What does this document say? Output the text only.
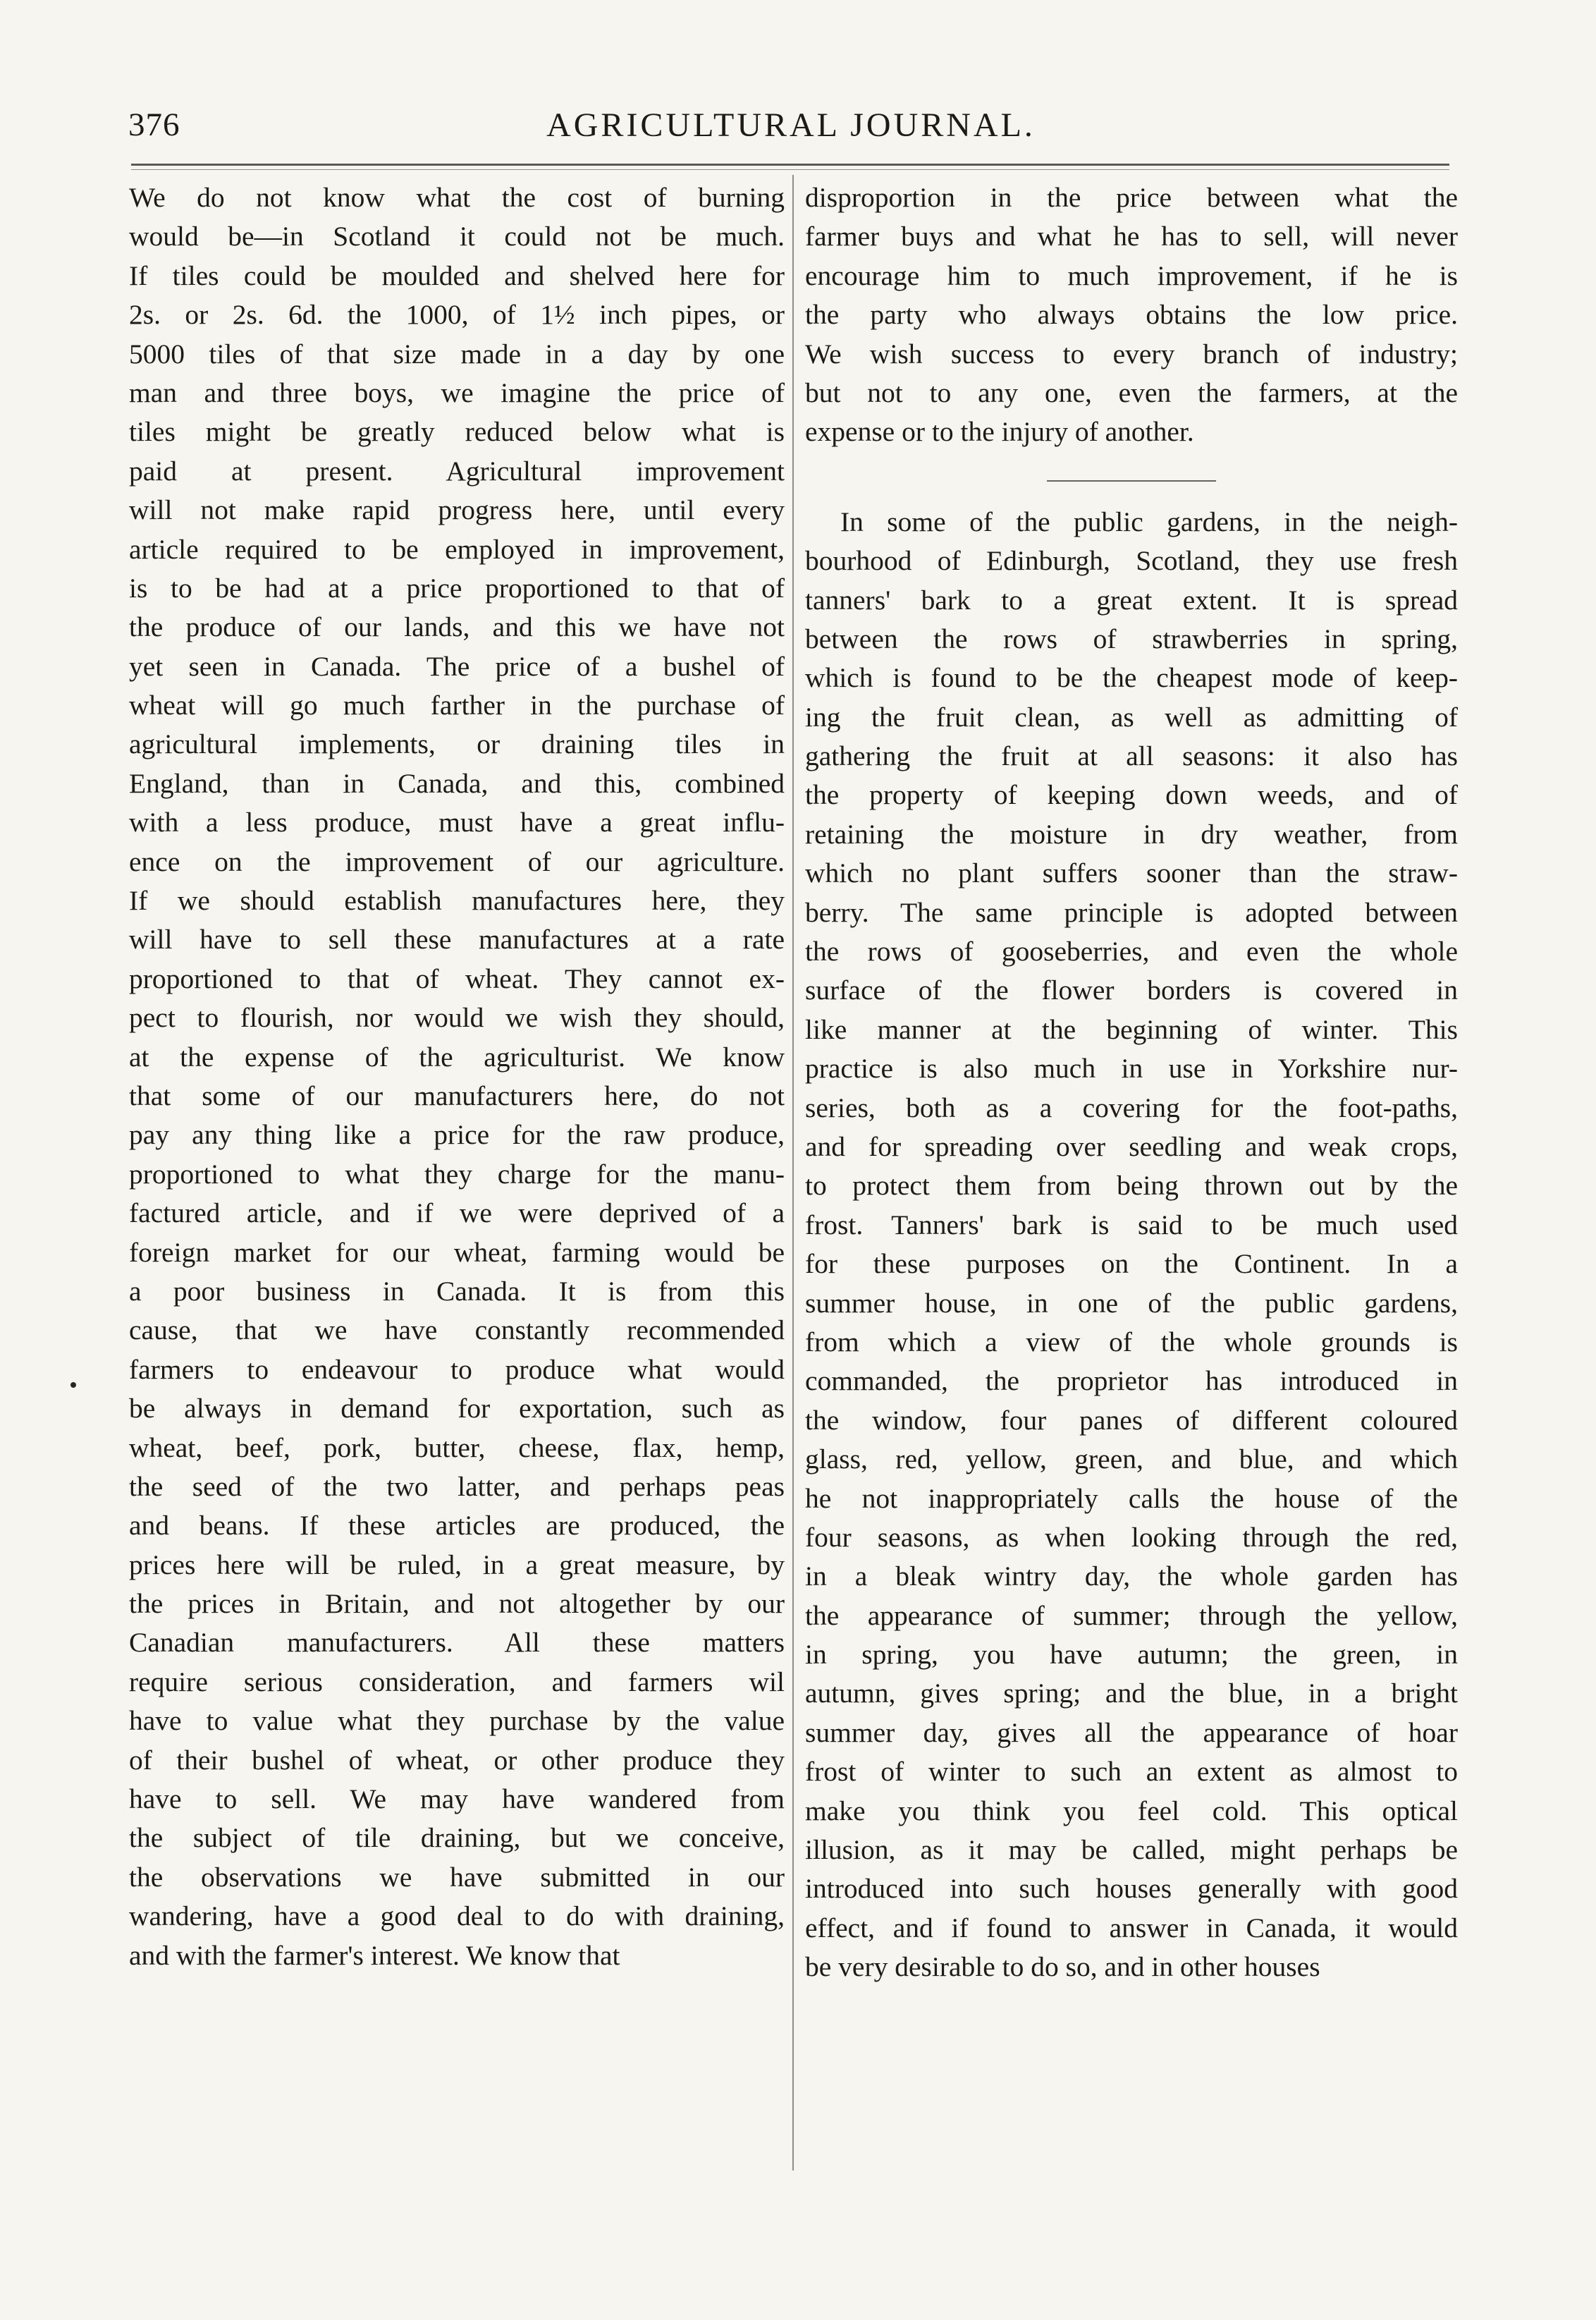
376	AGRICULTURAL JOURNAL.

We do not know what the cost of burning
would be—in Scotland it could not be much.
If tiles could be moulded and shelved here for
2s. or 2s. 6d. the 1000, of 1½ inch pipes, or
5000 tiles of that size made in a day by one
man and three boys, we imagine the price of
tiles might be greatly reduced below what is
paid at present. Agricultural improvement
will not make rapid progress here, until every
article required to be employed in improvement,
is to be had at a price proportioned to that of
the produce of our lands, and this we have not
yet seen in Canada. The price of a bushel of
wheat will go much farther in the purchase of
agricultural implements, or draining tiles in
England, than in Canada, and this, combined
with a less produce, must have a great influ-
ence on the improvement of our agriculture.
If we should establish manufactures here, they
will have to sell these manufactures at a rate
proportioned to that of wheat. They cannot ex-
pect to flourish, nor would we wish they should,
at the expense of the agriculturist. We know
that some of our manufacturers here, do not
pay any thing like a price for the raw produce,
proportioned to what they charge for the manu-
factured article, and if we were deprived of a
foreign market for our wheat, farming would be
a poor business in Canada. It is from this
cause, that we have constantly recommended
farmers to endeavour to produce what would
be always in demand for exportation, such as
wheat, beef, pork, butter, cheese, flax, hemp,
the seed of the two latter, and perhaps peas
and beans. If these articles are produced, the
prices here will be ruled, in a great measure, by
the prices in Britain, and not altogether by our
Canadian manufacturers. All these matters
require serious consideration, and farmers wil
have to value what they purchase by the value
of their bushel of wheat, or other produce they
have to sell. We may have wandered from
the subject of tile draining, but we conceive,
the observations we have submitted in our
wandering, have a good deal to do with draining,
and with the farmer's interest. We know that

disproportion in the price between what the
farmer buys and what he has to sell, will never
encourage him to much improvement, if he is
the party who always obtains the low price.
We wish success to every branch of industry;
but not to any one, even the farmers, at the
expense or to the injury of another.

In some of the public gardens, in the neigh-
bourhood of Edinburgh, Scotland, they use fresh
tanners' bark to a great extent. It is spread
between the rows of strawberries in spring,
which is found to be the cheapest mode of keep-
ing the fruit clean, as well as admitting of
gathering the fruit at all seasons: it also has
the property of keeping down weeds, and of
retaining the moisture in dry weather, from
which no plant suffers sooner than the straw-
berry. The same principle is adopted between
the rows of gooseberries, and even the whole
surface of the flower borders is covered in
like manner at the beginning of winter. This
practice is also much in use in Yorkshire nur-
series, both as a covering for the foot-paths,
and for spreading over seedling and weak crops,
to protect them from being thrown out by the
frost. Tanners' bark is said to be much used
for these purposes on the Continent. In a
summer house, in one of the public gardens,
from which a view of the whole grounds is
commanded, the proprietor has introduced in
the window, four panes of different coloured
glass, red, yellow, green, and blue, and which
he not inappropriately calls the house of the
four seasons, as when looking through the red,
in a bleak wintry day, the whole garden has
the appearance of summer; through the yellow,
in spring, you have autumn; the green, in
autumn, gives spring; and the blue, in a bright
summer day, gives all the appearance of hoar
frost of winter to such an extent as almost to
make you think you feel cold. This optical
illusion, as it may be called, might perhaps be
introduced into such houses generally with good
effect, and if found to answer in Canada, it would
be very desirable to do so, and in other houses
